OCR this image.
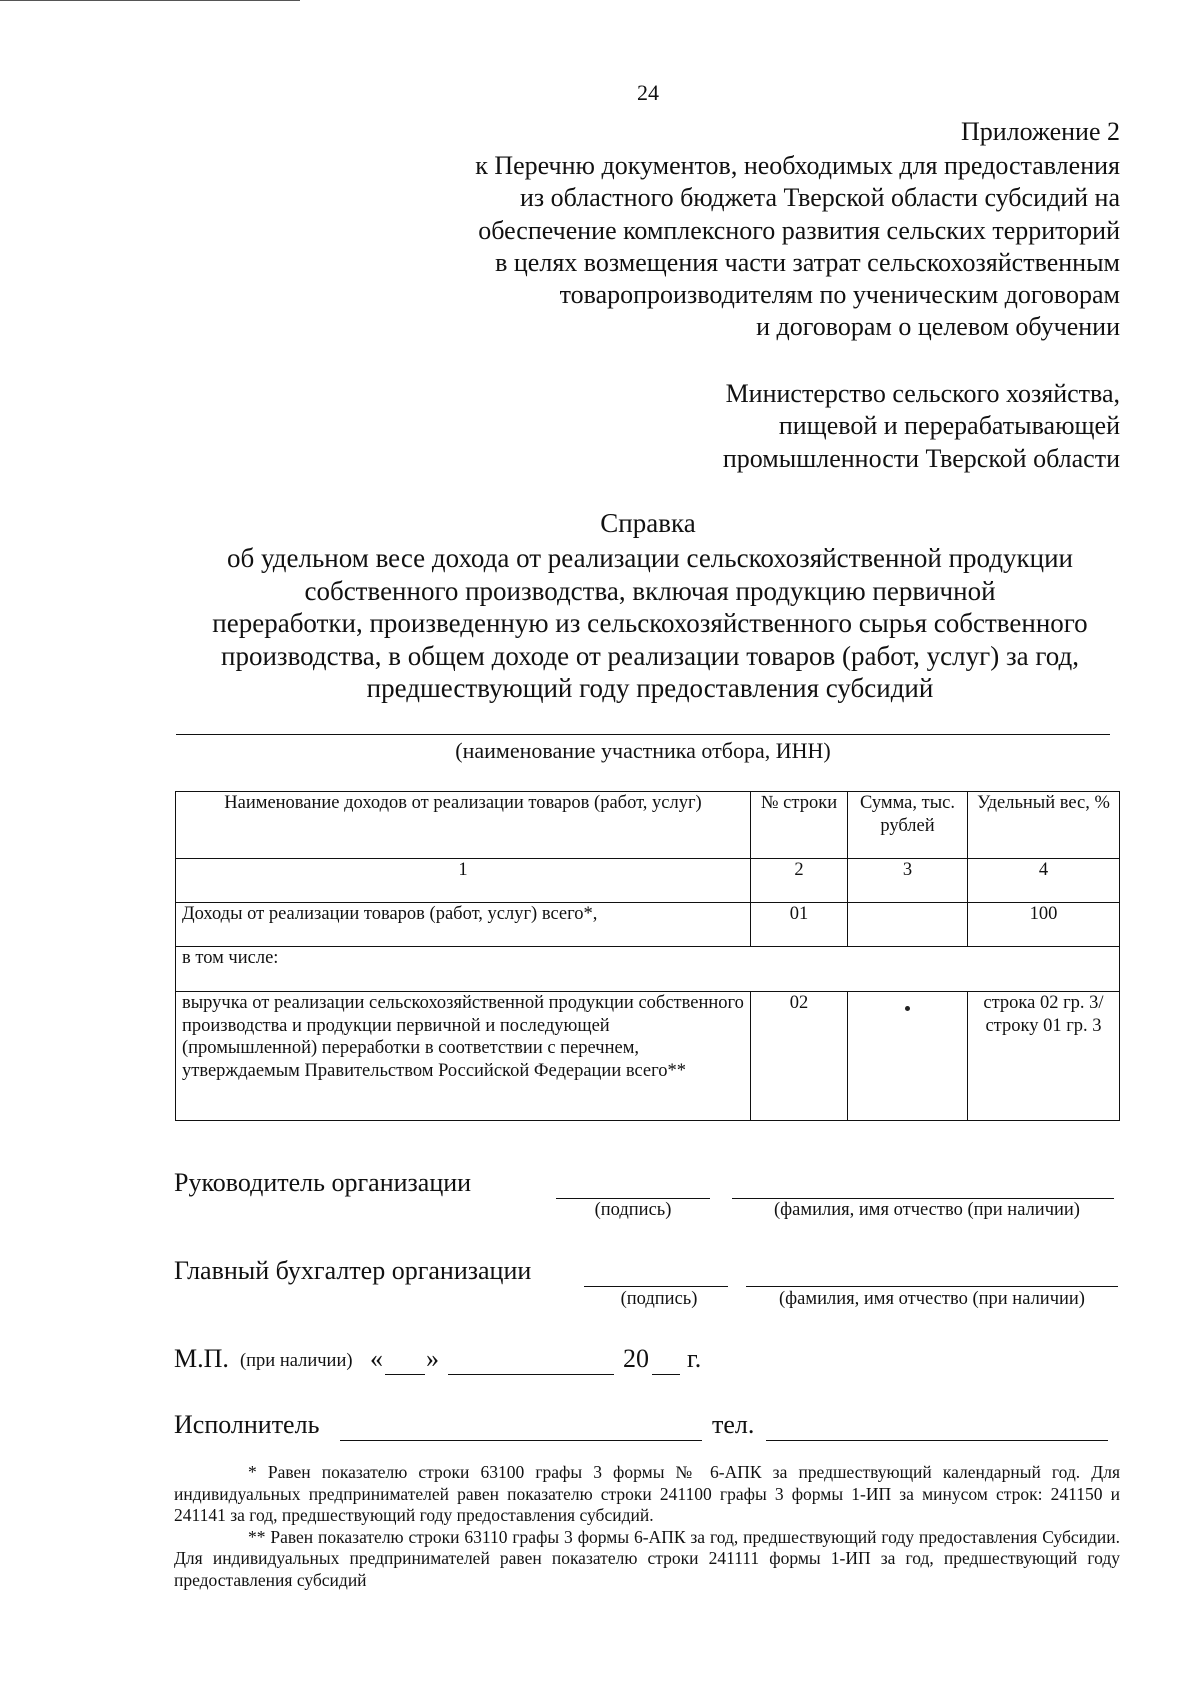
24
Приложение 2
к Перечню документов, необходимых для предоставления
из областного бюджета Тверской области субсидий на
обеспечение комплексного развития сельских территорий
в целях возмещения части затрат сельскохозяйственным
товаропроизводителям по ученическим договорам
и договорам о целевом обучении
Министерство сельского хозяйства,
пищевой и перерабатывающей
промышленности Тверской области
Справка
об удельном весе дохода от реализации сельскохозяйственной продукции
собственного производства, включая продукцию первичной
переработки, произведенную из сельскохозяйственного сырья собственного
производства, в общем доходе от реализации товаров (работ, услуг) за год,
предшествующий году предоставления субсидий
(наименование участника отбора, ИНН)
Наименование доходов от реализации товаров (работ, услуг)	№ строки	Сумма, тыс. рублей	Удельный вес, %
1	2	3	4
Доходы от реализации товаров (работ, услуг) всего*,	01		100
в том числе:			
выручка от реализации сельскохозяйственной продукции собственного производства и продукции первичной и последующей (промышленной) переработки в соответствии с перечнем, утверждаемым Правительством Российской Федерации всего**	02		строка 02 гр. 3/ строку 01 гр. 3
Руководитель организации
(подпись)	(фамилия, имя отчество (при наличии)
Главный бухгалтер организации
(подпись)	(фамилия, имя отчество (при наличии)
М.П. (при наличии) « »	20 г.
Исполнитель	тел.

* Равен показателю строки 63100 графы 3 формы № 6-АПК за предшествующий календарный год. Для индивидуальных предпринимателей равен показателю строки 241100 графы 3 формы 1-ИП за минусом строк: 241150 и 241141 за год, предшествующий году предоставления субсидий.

** Равен показателю строки 63110 графы 3 формы 6-АПК за год, предшествующий году предоставления Субсидии. Для индивидуальных предпринимателей равен показателю строки 241111 формы 1-ИП за год, предшествующий году предоставления субсидий
